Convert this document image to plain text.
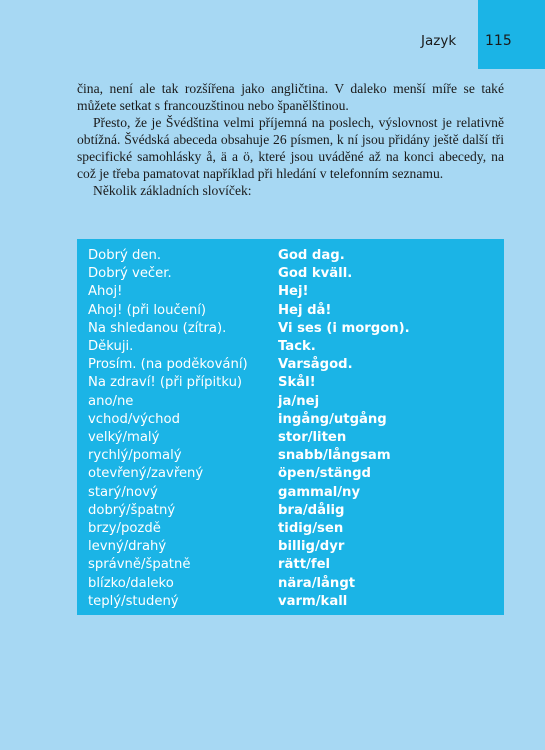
Jazyk 115

čina, není ale tak rozšířena jako angličtina. V daleko menší míře se také můžete setkat s francouzštinou nebo španělštinou.

Přesto, že je Švédština velmi příjemná na poslech, výslovnost je relativně obtížná. Švédská abeceda obsahuje 26 písmen, k ní jsou přidány ještě další tři specifické samohlásky å, ä a ö, které jsou uváděné až na konci abecedy, na což je třeba pamatovat například při hledání v telefonním seznamu.

Několik základních slovíček:

Dobrý den.	God dag.
Dobrý večer.	God kväll.
Ahoj!	Hej!
Ahoj! (při loučení)	Hej då!
Na shledanou (zítra).	Vi ses (i morgon).
Děkuji.	Tack.
Prosím. (na poděkování)	Varsågod.
Na zdraví! (při přípitku)	Skål!
ano/ne	ja/nej
vchod/východ	ingång/utgång
velký/malý	stor/liten
rychlý/pomalý	snabb/långsam
otevřený/zavřený	öpen/stängd
starý/nový	gammal/ny
dobrý/špatný	bra/dålig
brzy/pozdě	tidig/sen
levný/drahý	billig/dyr
správně/špatně	rätt/fel
blízko/daleko	nära/långt
teplý/studený	varm/kall
